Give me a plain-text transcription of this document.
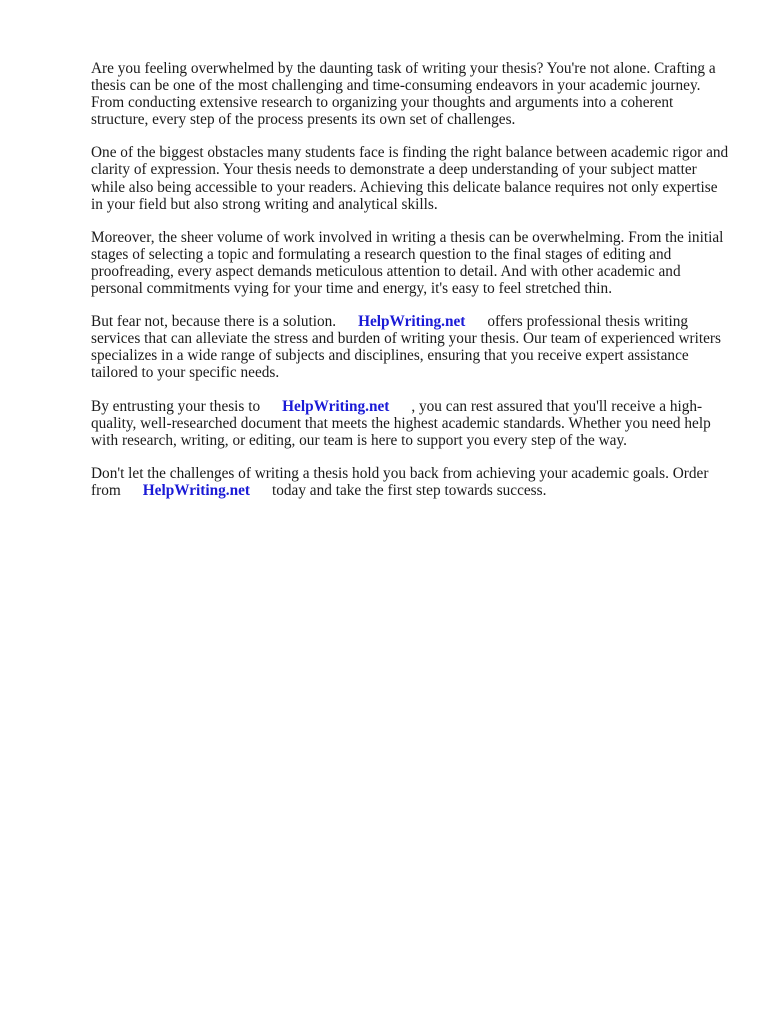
Are you feeling overwhelmed by the daunting task of writing your thesis? You're not alone. Crafting a thesis can be one of the most challenging and time-consuming endeavors in your academic journey. From conducting extensive research to organizing your thoughts and arguments into a coherent structure, every step of the process presents its own set of challenges.

One of the biggest obstacles many students face is finding the right balance between academic rigor and clarity of expression. Your thesis needs to demonstrate a deep understanding of your subject matter while also being accessible to your readers. Achieving this delicate balance requires not only expertise in your field but also strong writing and analytical skills.

Moreover, the sheer volume of work involved in writing a thesis can be overwhelming. From the initial stages of selecting a topic and formulating a research question to the final stages of editing and proofreading, every aspect demands meticulous attention to detail. And with other academic and personal commitments vying for your time and energy, it's easy to feel stretched thin.

But fear not, because there is a solution. HelpWriting.net offers professional thesis writing services that can alleviate the stress and burden of writing your thesis. Our team of experienced writers specializes in a wide range of subjects and disciplines, ensuring that you receive expert assistance tailored to your specific needs.

By entrusting your thesis to HelpWriting.net , you can rest assured that you'll receive a high-quality, well-researched document that meets the highest academic standards. Whether you need help with research, writing, or editing, our team is here to support you every step of the way.

Don't let the challenges of writing a thesis hold you back from achieving your academic goals. Order from HelpWriting.net today and take the first step towards success.
